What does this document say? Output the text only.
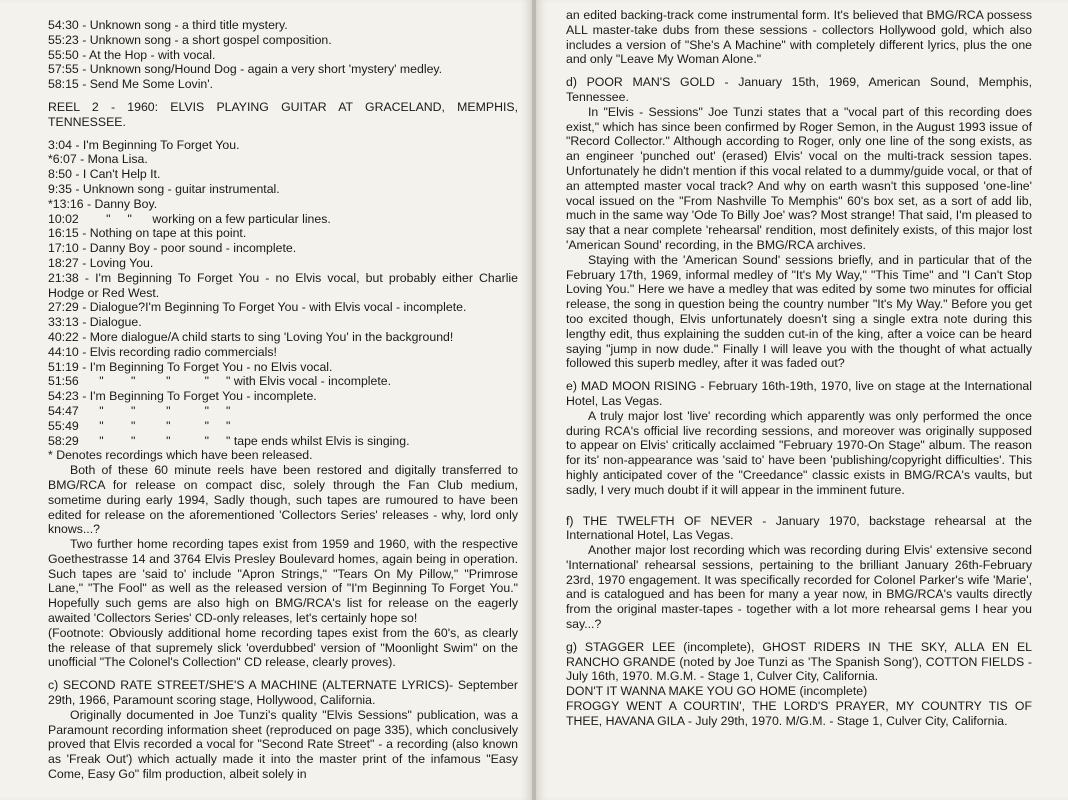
54:30 - Unknown song - a third title mystery.
55:23 - Unknown song - a short gospel composition.
55:50 - At the Hop - with vocal.
57:55 - Unknown song/Hound Dog - again a very short 'mystery' medley.
58:15 - Send Me Some Lovin'.

REEL 2 - 1960: ELVIS PLAYING GUITAR AT GRACELAND, MEMPHIS, TENNESSEE.

3:04 - I'm Beginning To Forget You.
*6:07 - Mona Lisa.
8:50 - I Can't Help It.
9:35 - Unknown song - guitar instrumental.
*13:16 - Danny Boy.
10:02        "     "      working on a few particular lines.
16:15 - Nothing on tape at this point.
17:10 - Danny Boy - poor sound - incomplete.
18:27 - Loving You.

21:38 - I'm Beginning To Forget You - no Elvis vocal, but probably either Charlie Hodge or Red West.

27:29 - Dialogue?I'm Beginning To Forget You - with Elvis vocal - incomplete.
33:13 - Dialogue.
40:22 - More dialogue/A child starts to sing 'Loving You' in the background!
44:10 - Elvis recording radio commercials!
51:19 - I'm Beginning To Forget You - no Elvis vocal.
51:56      "        "         "          "     " with Elvis vocal - incomplete.
54:23 - I'm Beginning To Forget You - incomplete.
54:47      "        "         "          "     "
55:49      "        "         "          "     "
58:29      "        "         "          "     " tape ends whilst Elvis is singing.
* Denotes recordings which have been released.

Both of these 60 minute reels have been restored and digitally transferred to BMG/RCA for release on compact disc, solely through the Fan Club medium, sometime during early 1994, Sadly though, such tapes are rumoured to have been edited for release on the aforementioned 'Collectors Series' releases - why, lord only knows...?

Two further home recording tapes exist from 1959 and 1960, with the respective Goethestrasse 14 and 3764 Elvis Presley Boulevard homes, again being in operation. Such tapes are 'said to' include "Apron Strings," "Tears On My Pillow," "Primrose Lane," "The Fool" as well as the released version of "I'm Beginning To Forget You." Hopefully such gems are also high on BMG/RCA's list for release on the eagerly awaited 'Collectors Series' CD-only releases, let's certainly hope so!

(Footnote: Obviously additional home recording tapes exist from the 60's, as clearly the release of that supremely slick 'overdubbed' version of "Moonlight Swim" on the unofficial "The Colonel's Collection" CD release, clearly proves).

c) SECOND RATE STREET/SHE'S A MACHINE (ALTERNATE LYRICS)- September 29th, 1966, Paramount scoring stage, Hollywood, California.

Originally documented in Joe Tunzi's quality "Elvis Sessions" publication, was a Paramount recording information sheet (reproduced on page 335), which conclusively proved that Elvis recorded a vocal for "Second Rate Street" - a recording (also known as 'Freak Out') which actually made it into the master print of the infamous "Easy Come, Easy Go" film production, albeit solely in

an edited backing-track come instrumental form. It's believed that BMG/RCA possess ALL master-take dubs from these sessions - collectors Hollywood gold, which also includes a version of "She's A Machine" with completely different lyrics, plus the one and only "Leave My Woman Alone."

d) POOR MAN'S GOLD - January 15th, 1969, American Sound, Memphis, Tennessee.

In "Elvis - Sessions" Joe Tunzi states that a "vocal part of this recording does exist," which has since been confirmed by Roger Semon, in the August 1993 issue of "Record Collector." Although according to Roger, only one line of the song exists, as an engineer 'punched out' (erased) Elvis' vocal on the multi-track session tapes. Unfortunately he didn't mention if this vocal related to a dummy/guide vocal, or that of an attempted master vocal track? And why on earth wasn't this supposed 'one-line' vocal issued on the "From Nashville To Memphis" 60's box set, as a sort of add lib, much in the same way 'Ode To Billy Joe' was? Most strange! That said, I'm pleased to say that a near complete 'rehearsal' rendition, most definitely exists, of this major lost 'American Sound' recording, in the BMG/RCA archives.

Staying with the 'American Sound' sessions briefly, and in particular that of the February 17th, 1969, informal medley of "It's My Way," "This Time" and "I Can't Stop Loving You." Here we have a medley that was edited by some two minutes for official release, the song in question being the country number "It's My Way." Before you get too excited though, Elvis unfortunately doesn't sing a single extra note during this lengthy edit, thus explaining the sudden cut-in of the king, after a voice can be heard saying "jump in now dude." Finally I will leave you with the thought of what actually followed this superb medley, after it was faded out?

e) MAD MOON RISING - February 16th-19th, 1970, live on stage at the International Hotel, Las Vegas.

A truly major lost 'live' recording which apparently was only performed the once during RCA's official live recording sessions, and moreover was originally supposed to appear on Elvis' critically acclaimed "February 1970-On Stage" album. The reason for its' non-appearance was 'said to' have been 'publishing/copyright difficulties'. This highly anticipated cover of the "Creedance" classic exists in BMG/RCA's vaults, but sadly, I very much doubt if it will appear in the imminent future.

f) THE TWELFTH OF NEVER - January 1970, backstage rehearsal at the International Hotel, Las Vegas.

Another major lost recording which was recording during Elvis' extensive second 'International' rehearsal sessions, pertaining to the brilliant January 26th-February 23rd, 1970 engagement. It was specifically recorded for Colonel Parker's wife 'Marie', and is catalogued and has been for many a year now, in BMG/RCA's vaults directly from the original master-tapes - together with a lot more rehearsal gems I hear you say...?

g) STAGGER LEE (incomplete), GHOST RIDERS IN THE SKY, ALLA EN EL RANCHO GRANDE (noted by Joe Tunzi as 'The Spanish Song'), COTTON FIELDS - July 16th, 1970. M.G.M. - Stage 1, Culver City, California.

DON'T IT WANNA MAKE YOU GO HOME (incomplete)

FROGGY WENT A COURTIN', THE LORD'S PRAYER, MY COUNTRY TIS OF THEE, HAVANA GILA - July 29th, 1970. M/G.M. - Stage 1, Culver City, California.
